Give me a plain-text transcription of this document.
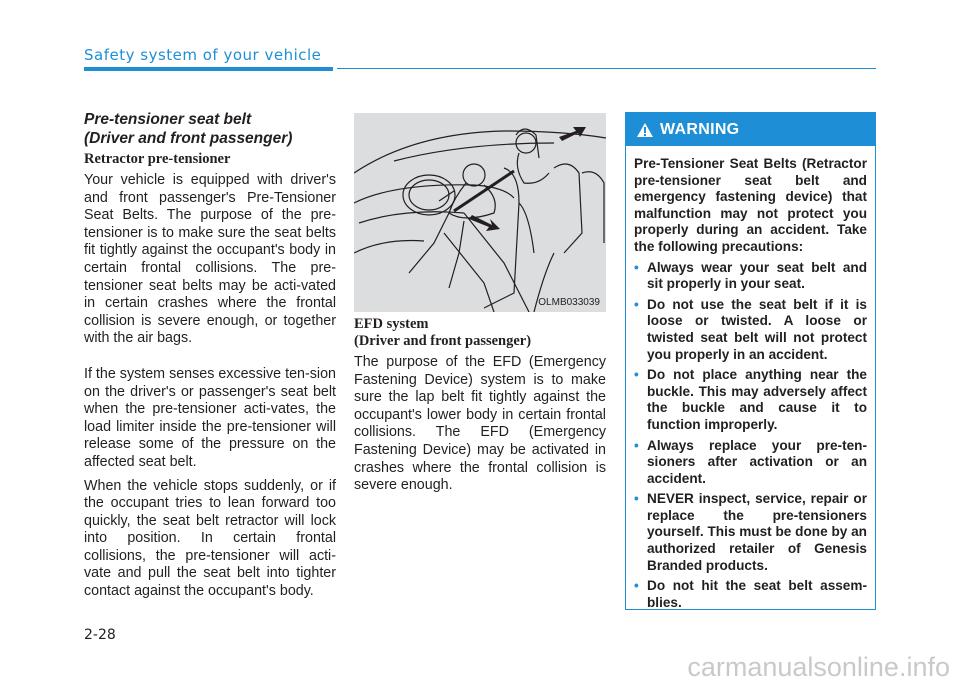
Safety system of your vehicle

Pre-tensioner seat belt
(Driver and front passenger)

Retractor pre-tensioner

Your vehicle is equipped with driver's and front passenger's Pre-Tensioner Seat Belts. The purpose of the pre-tensioner is to make sure the seat belts fit tightly against the occupant's body in certain frontal collisions. The pre-tensioner seat belts may be acti-vated in certain crashes where the frontal collision is severe enough, or together with the air bags.

If the system senses excessive ten-sion on the driver's or passenger's seat belt when the pre-tensioner acti-vates, the load limiter inside the pre-tensioner will release some of the pressure on the affected seat belt.

When the vehicle stops suddenly, or if the occupant tries to lean forward too quickly, the seat belt retractor will lock into position. In certain frontal collisions, the pre-tensioner will acti-vate and pull the seat belt into tighter contact against the occupant's body.

OLMB033039

EFD system
(Driver and front passenger)

The purpose of the EFD (Emergency Fastening Device) system is to make sure the lap belt fit tightly against the occupant's lower body in certain frontal collisions. The EFD (Emergency Fastening Device) may be activated in crashes where the frontal collision is severe enough.

WARNING

Pre-Tensioner Seat Belts (Retractor pre-tensioner seat belt and emergency fastening device) that malfunction may not protect you properly during an accident. Take the following precautions:

• Always wear your seat belt and sit properly in your seat.
• Do not use the seat belt if it is loose or twisted. A loose or twisted seat belt will not protect you properly in an accident.
• Do not place anything near the buckle. This may adversely affect the buckle and cause it to function improperly.
• Always replace your pre-ten-sioners after activation or an accident.
• NEVER inspect, service, repair or replace the pre-tensioners yourself. This must be done by an authorized retailer of Genesis Branded products.
• Do not hit the seat belt assem-blies.
2-28
carmanualsonline.info
